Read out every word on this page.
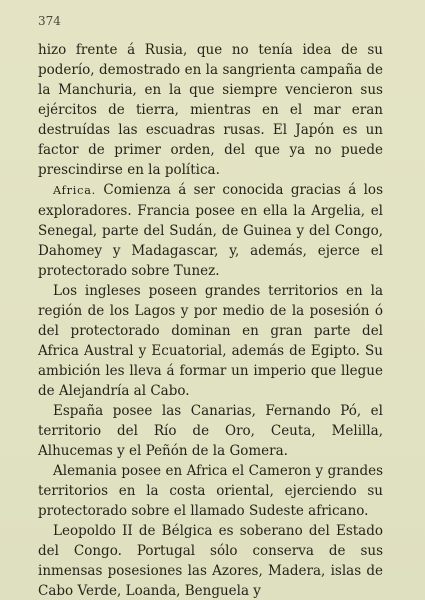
374

hizo frente á Rusia, que no tenía idea de su poderío, demostrado en la sangrienta campaña de la Manchuria, en la que siempre vencieron sus ejércitos de tierra, mientras en el mar eran destruídas las escuadras rusas. El Japón es un factor de primer orden, del que ya no puede prescindirse en la política.

Africa. Comienza á ser conocida gracias á los exploradores. Francia posee en ella la Argelia, el Senegal, parte del Sudán, de Guinea y del Congo, Dahomey y Madagascar, y, además, ejerce el protectorado sobre Tunez.

Los ingleses poseen grandes territorios en la región de los Lagos y por medio de la posesión ó del protectorado dominan en gran parte del Africa Austral y Ecuatorial, además de Egipto. Su ambición les lleva á formar un imperio que llegue de Alejandría al Cabo.

España posee las Canarias, Fernando Pó, el territorio del Río de Oro, Ceuta, Melilla, Alhucemas y el Peñón de la Gomera.

Alemania posee en Africa el Cameron y grandes territorios en la costa oriental, ejerciendo su protectorado sobre el llamado Sudeste africano.

Leopoldo II de Bélgica es soberano del Estado del Congo. Portugal sólo conserva de sus inmensas posesiones las Azores, Madera, islas de Cabo Verde, Loanda, Benguela y
